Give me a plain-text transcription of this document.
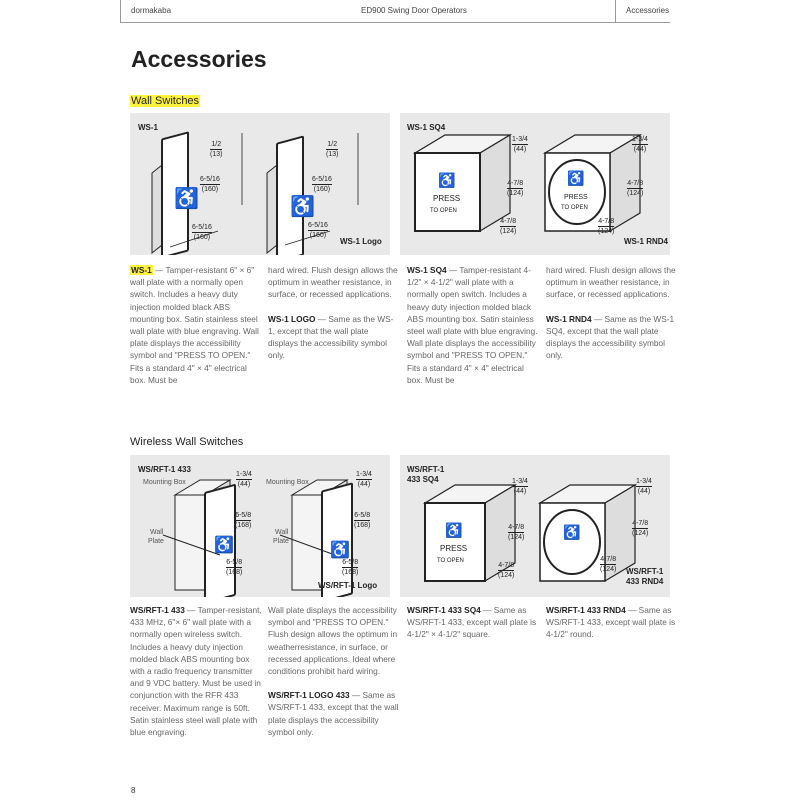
dormakaba	ED900 Swing Door Operators	Accessories
Accessories
Wall Switches
♿	♿
WS-1
1/2
(13)
6-5/16
(160)
6-5/16
(160)
1/2
(13)
6-5/16
(160)
6-5/16
(160)
WS-1 Logo
♿	♿
PRESS
TO OPEN
PRESS
TO OPEN
WS-1 SQ4
1-3/4
(44)
4-7/8
(124)
4-7/8
(124)
1-3/4
(44)
4-7/8
(124)
4-7/8
(124)
WS-1 RND4

WS-1 — Tamper-resistant 6" × 6" wall plate with a normally open switch. Includes a heavy duty injection molded black ABS mounting box. Satin stainless steel wall plate with blue engraving. Wall plate displays the accessibility symbol and "PRESS TO OPEN." Fits a standard 4" × 4" electrical box. Must be

hard wired. Flush design allows the optimum in weather resistance, in surface, or recessed applications.

WS-1 LOGO — Same as the WS-1, except that the wall plate displays the accessibility symbol only.

WS-1 SQ4 — Tamper-resistant 4-1/2" × 4-1/2" wall plate with a normally open switch. Includes a heavy duty injection molded black ABS mounting box. Satin stainless steel wall plate with blue engraving. Wall plate displays the accessibility symbol and "PRESS TO OPEN." Fits a standard 4" × 4" electrical box. Must be

hard wired. Flush design allows the optimum in weather resistance, in surface, or recessed applications.

WS-1 RND4 — Same as the WS-1 SQ4, except that the wall plate displays the accessibility symbol only.

Wireless Wall Switches
♿	♿
WS/RFT-1 433
Mounting Box
Wall
Plate
Mounting Box
Wall
Plate
1-3/4
(44)
6-5/8
(168)
6-5/8
(168)
1-3/4
(44)
6-5/8
(168)
6-5/8
(168)
WS/RFT-1 Logo
♿	♿
PRESS
TO OPEN
WS/RFT-1
433 SQ4	1-3/4
(44)
4-7/8
(124)
4-7/8
(124)
1-3/4
(44)
4-7/8
(124)
4-7/8
(124) WS/RFT-1
433 RND4

WS/RFT-1 433 — Tamper-resistant, 433 MHz, 6"× 6" wall plate with a normally open wireless switch. Includes a heavy duty injection molded black ABS mounting box with a radio frequency transmitter and 9 VDC battery. Must be used in conjunction with the RFR 433 receiver. Maximum range is 50ft. Satin stainless steel wall plate with blue engraving.

Wall plate displays the accessibility symbol and "PRESS TO OPEN." Flush design allows the optimum in weatherresistance, in surface, or recessed applications. Ideal where conditions prohibit hard wiring.

WS/RFT-1 LOGO 433 — Same as WS/RFT-1 433, except that the wall plate displays the accessibility symbol only.

WS/RFT-1 433 SQ4 — Same as WS/RFT-1 433, except wall plate is 4-1/2" × 4-1/2" square.

WS/RFT-1 433 RND4 — Same as WS/RFT-1 433, except wall plate is 4-1/2" round.

8
